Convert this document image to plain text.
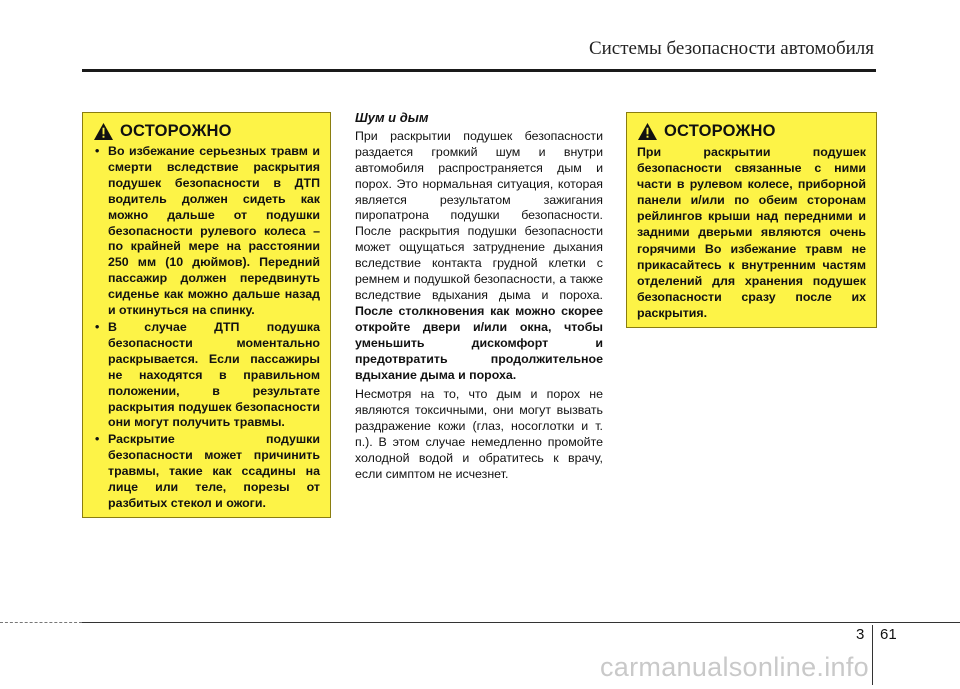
Системы безопасности автомобиля
ОСТОРОЖНО
• Во избежание серьезных травм и смерти вследствие раскрытия подушек безопасности в ДТП водитель должен сидеть как можно дальше от подушки безопасности рулевого колеса – по крайней мере на расстоянии 250 мм (10 дюймов). Передний пассажир должен передвинуть сиденье как можно дальше назад и откинуться на спинку.
• В случае ДТП подушка безопасности моментально раскрывается. Если пассажиры не находятся в правильном положении, в результате раскрытия подушек безопасности они могут получить травмы.
• Раскрытие подушки безопасности может причинить травмы, такие как ссадины на лице или теле, порезы от разбитых стекол и ожоги.
Шум и дым

При раскрытии подушек безопасности раздается громкий шум и внутри автомобиля распространяется дым и порох. Это нормальная ситуация, которая является результатом зажигания пиропатрона подушки безопасности. После раскрытия подушки безопасности может ощущаться затруднение дыхания вследствие контакта грудной клетки с ремнем и подушкой безопасности, а также вследствие вдыхания дыма и пороха. После столкновения как можно скорее откройте двери и/или окна, чтобы уменьшить дискомфорт и предотвратить продолжительное вдыхание дыма и пороха.

Несмотря на то, что дым и порох не являются токсичными, они могут вызвать раздражение кожи (глаз, носоглотки и т. п.). В этом случае немедленно промойте холодной водой и обратитесь к врачу, если симптом не исчезнет.

ОСТОРОЖНО

При раскрытии подушек безопасности связанные с ними части в рулевом колесе, приборной панели и/или по обеим сторонам рейлингов крыши над передними и задними дверьми являются очень горячими Во избежание травм не прикасайтесь к внутренним частям отделений для хранения подушек безопасности сразу после их раскрытия.

3 61
carmanualsonline.info
